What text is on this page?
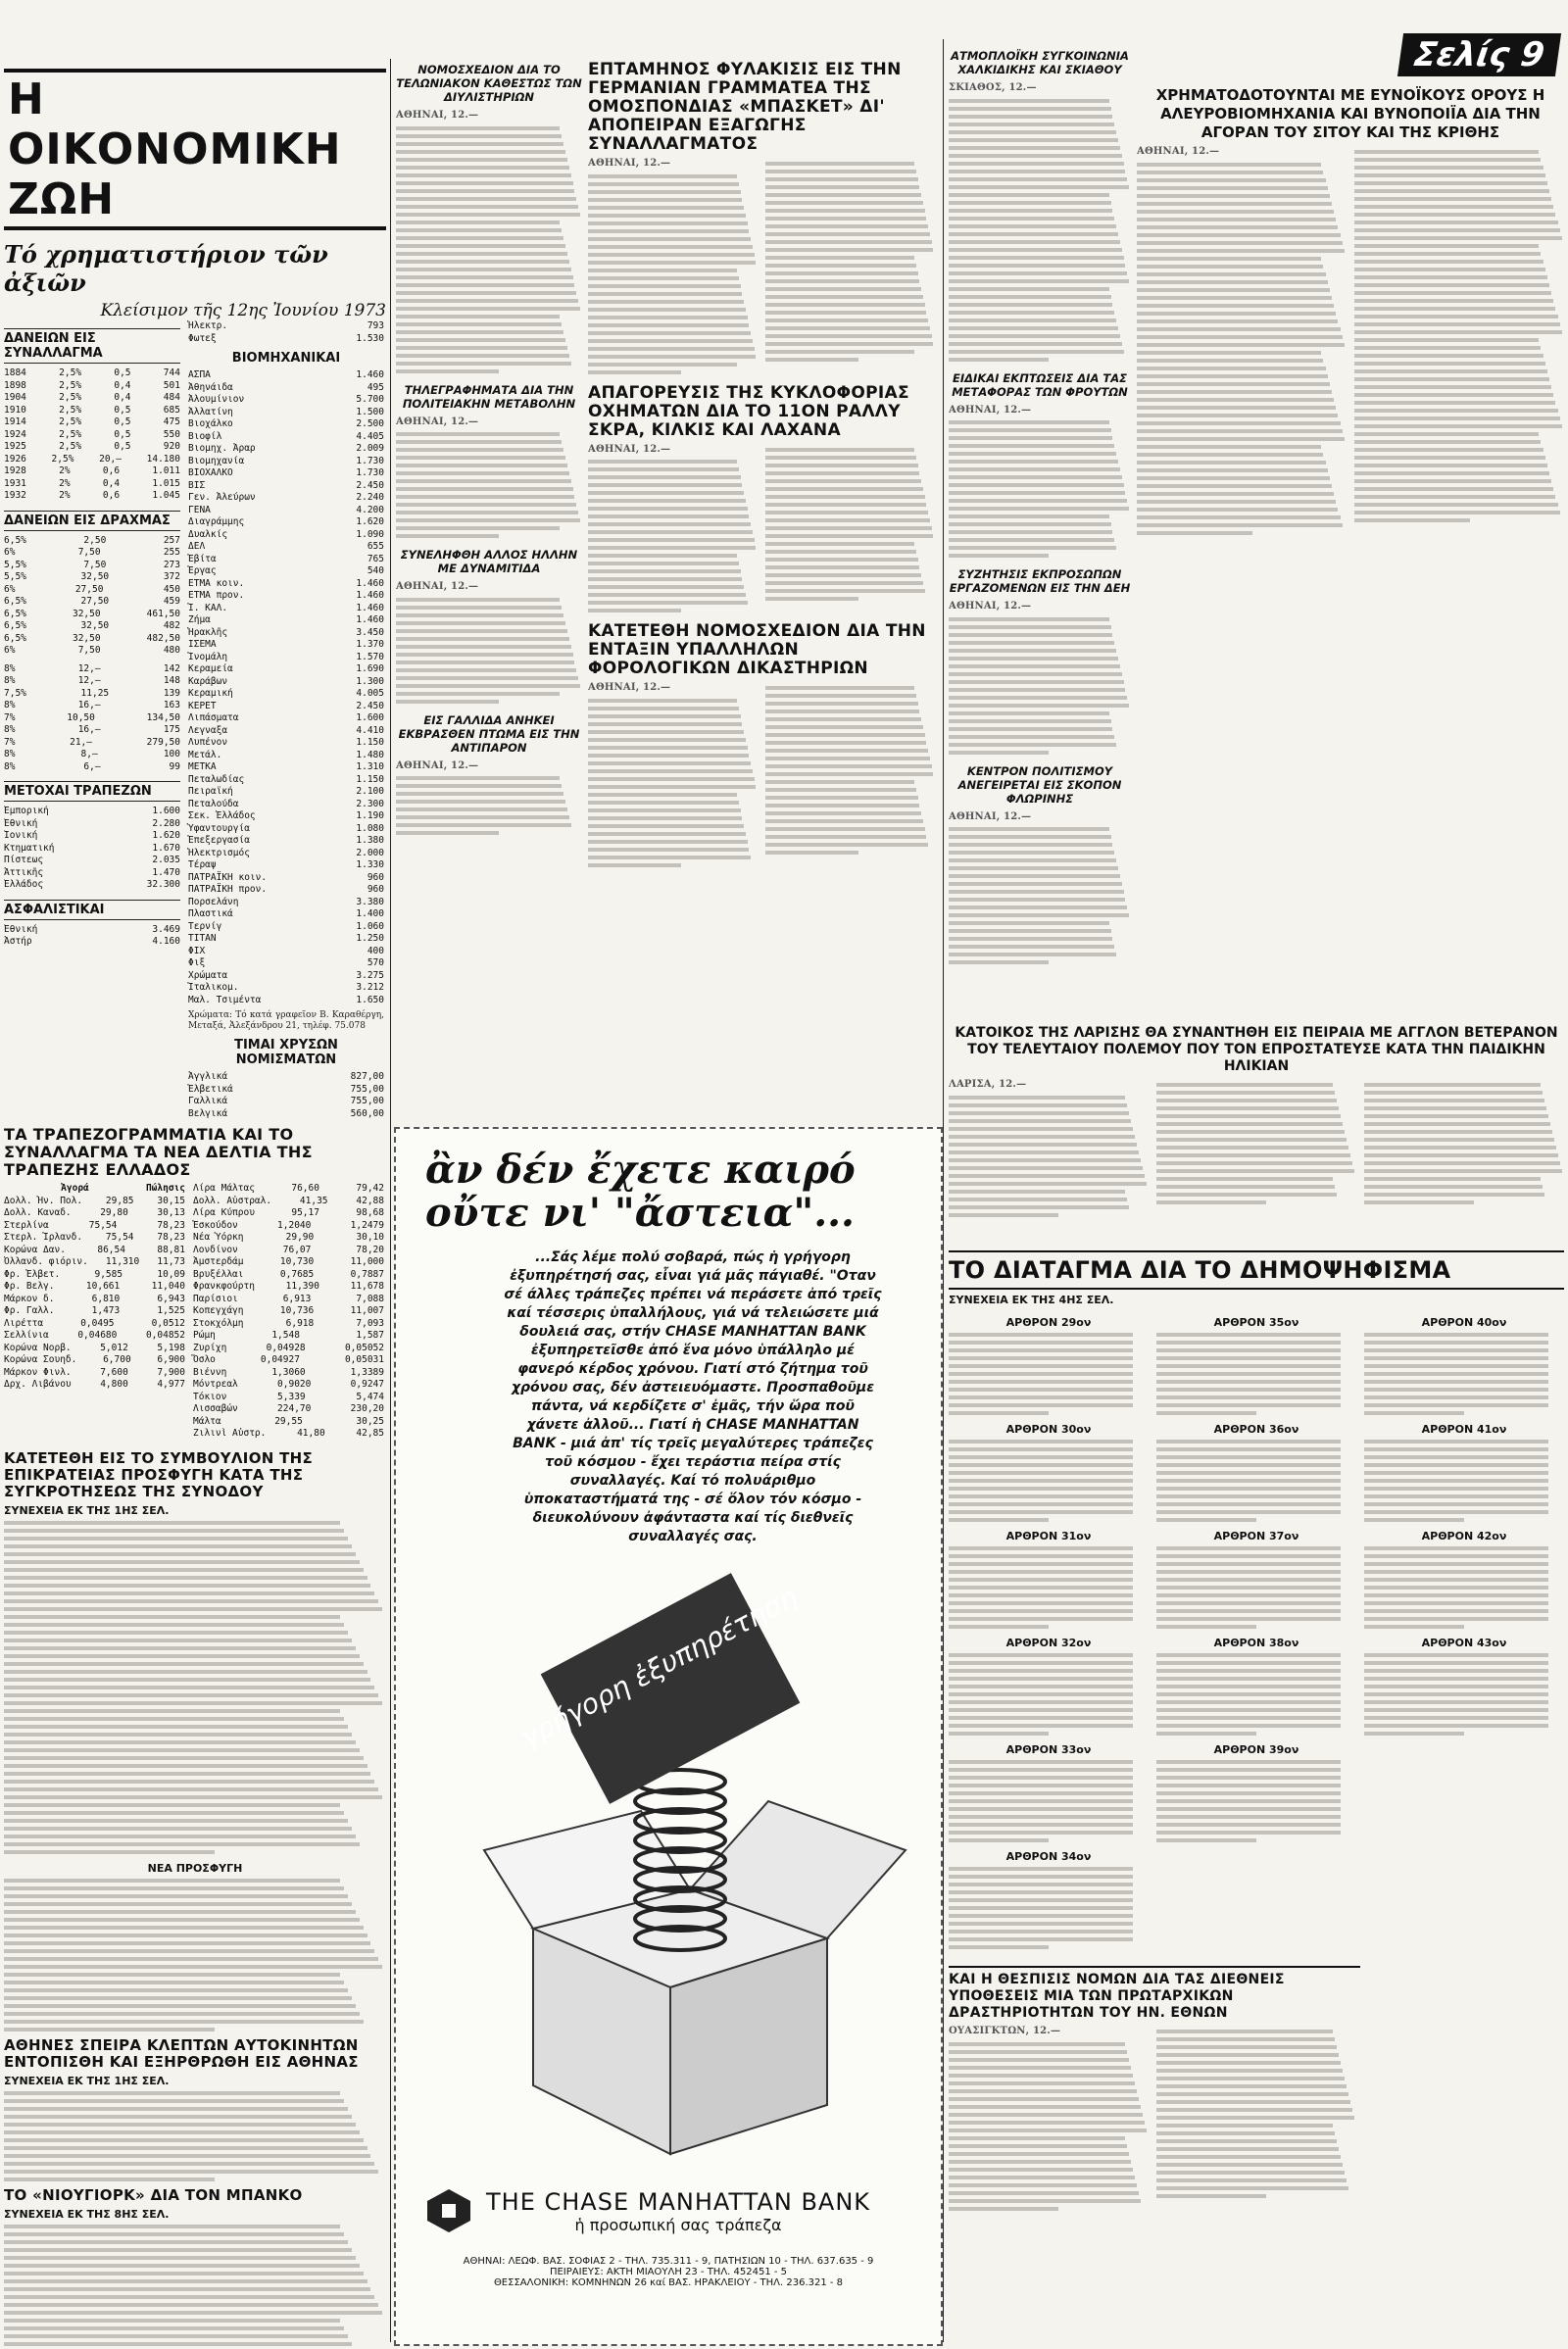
Η ΟΙΚΟΝΟΜΙΚΗ ΖΩΗ
Τό χρηματιστήριον τῶν ἀξιῶν
Κλείσιμον τῆς 12ης Ἰουνίου 1973
ΔΑΝΕΙΩΝ ΕΙΣ ΣΥΝΑΛΛΑΓΜΑ
1884	2,5%	0,5	744
1898	2,5%	0,4	501
1904	2,5%	0,4	484
1910	2,5%	0,5	685
1914	2,5%	0,5	475
1924	2,5%	0,5	550
1925	2,5%	0,5	920
1926	2,5%	20,—	14.180
1928	2%	0,6	1.011
1931	2%	0,4	1.015
1932	2%	0,6	1.045
ΔΑΝΕΙΩΝ ΕΙΣ ΔΡΑΧΜΑΣ
6,5%	2,50	257
6%	7,50	255
5,5%	7,50	273
5,5%	32,50	372
6%	27,50	450
6,5%	27,50	459
6,5%	32,50	461,50
6,5%	32,50	482
6,5%	32,50	482,50
6%	7,50	480
8%	12,—	142
8%	12,—	148
7,5%	11,25	139
8%	16,—	163
7%	10,50	134,50
8%	16,—	175
7%	21,—	279,50
8%	8,—	100
8%	6,—	99
ΜΕΤΟΧΑΙ ΤΡΑΠΕΖΩΝ
Ἐμπορική	1.600
Ἐθνική	2.280
Ἰονική	1.620
Κτηματική	1.670
Πίστεως	2.035
Ἀττικῆς	1.470
Ἑλλάδος	32.300
ΑΣΦΑΛΙΣΤΙΚΑΙ
Ἑθνική	3.469
Ἀστήρ	4.160
Ἠλεκτρ.	793
Φωτεξ	1.530
ΒΙΟΜΗΧΑΝΙΚΑΙ
ΑΣΠΑ	1.460
Ἀθηνάιδα	495
Ἀλουμίνιον	5.700
Ἀλλατίνη	1.500
Βιοχάλκο	2.500
Βιοφίλ	4.405
Βιομηχ. Ἀραρ	2.009
Βιομηχανία	1.730
ΒΙΟΧΑΛΚΟ	1.730
ΒΙΣ	2.450
Γεν. Ἀλεύρων	2.240
ΓΕΝΑ	4.200
Διαγράμμης	1.620
Δυαλκίς	1.090
ΔΕΛ	655
Ἐβίτα	765
Ἐργας	540
ΕΤΜΑ κοιν.	1.460
ΕΤΜΑ προν.	1.460
Ἰ. ΚΑΛ.	1.460
Ζήμα	1.460
Ἡρακλῆς	3.450
ΙΣΕΜΑ	1.370
Ἰνομάλη	1.570
Κεραμεία	1.690
Καράβων	1.300
Κεραμική	4.005
ΚΕΡΕΤ	2.450
Λιπάσματα	1.600
Λεγναξα	4.410
Λυπένον	1.150
Μετάλ.	1.480
ΜΕΤΚΑ	1.310
Πεταλωδίας	1.150
Πειραϊκή	2.100
Πεταλούδα	2.300
Σεκ. Ἑλλάδος	1.190
Ὑφαντουργία	1.080
Ἐπεξεργασία	1.380
Ἠλεκτρισμός	2.000
Τέραψ	1.330
ΠΑΤΡΑΪΚΗ κοιν.	960
ΠΑΤΡΑΪΚΗ προν.	960
Πορσελάνη	3.380
Πλαστικά	1.400
Τερνίγ	1.060
ΤΙΤΑΝ	1.250
ΦΙΧ	400
Φιξ	570
Χρώματα	3.275
Ἰταλικομ.	3.212
Μαλ. Τσιμέντα	1.650
Χρώματα: Τό κατά γραφεῖον Β. Καραθέργη, Μεταξά, Ἀλεξάνδρου 21, τηλέφ. 75.078
ΤΙΜΑΙ ΧΡΥΣΩΝ ΝΟΜΙΣΜΑΤΩΝ
Ἀγγλικά	827,00
Ἐλβετικά	755,00
Γαλλικά	755,00
Βελγικά	560,00
ΤΑ ΤΡΑΠΕΖΟΓΡΑΜΜΑΤΙΑ ΚΑΙ ΤΟ ΣΥΝΑΛΛΑΓΜΑ ΤΑ ΝΕΑ ΔΕΛΤΙΑ ΤΗΣ ΤΡΑΠΕΖΗΣ ΕΛΛΑΔΟΣ
Ἀγορά	Πώλησις
Δολλ. Ἡν. Πολ.	29,85	30,15
Δολλ. Καναδ.	29,80	30,13
Στερλίνα	75,54	78,23
Στερλ. Ἰρλανδ.	75,54	78,23
Κορώνα Δαν.	86,54	88,81
Ὀλλανδ. φιόριν. 11,310 11,73
Φρ. Ἑλβετ.	9,585	10,09
Φρ. Βελγ.	10,661	11,040
Μάρκον δ.	6,810	6,943
Φρ. Γαλλ.	1,473	1,525
Λιρέττα	0,0495	0,0512
Σελλίνια	0,04680	0,04852
Κορώνα Νορβ.	5,012	5,198
Κορώνα Σουηδ.	6,700	6,900
Μάρκον Φινλ.	7,600	7,900
Δρχ. Λιβάνου	4,800	4,977
Λίρα Μάλτας	76,60	79,42
Δολλ. Αὐστραλ.	41,35	42,88
Λίρα Κύπρου	95,17	98,68
Ἐσκούδον	1,2040	1,2479
Νέα Ὑόρκη	29,90	30,10
Λονδίνον	76,07	78,20
Ἀμστερδάμ	10,730	11,000
Βρυξέλλαι	0,7685	0,7887
Φρανκφούρτη	11,390	11,678
Παρίσιοι	6,913	7,088
Κοπεγχάγη	10,736	11,007
Στοκχόλμη	6,918	7,093
Ρώμη	1,548	1,587
Ζυρίχη	0,04928	0,05052
Ὄσλο	0,04927	0,05031
Βιέννη	1,3060	1,3389
Μόντρεαλ	0,9020	0,9247
Τόκιον	5,339	5,474
Λισσαβών	224,70	230,20
Μάλτα	29,55	30,25
Ζιλινὶ Αὐστρ.	41,80	42,85
ΚΑΤΕΤΕΘΗ ΕΙΣ ΤΟ ΣΥΜΒΟΥΛΙΟΝ ΤΗΣ ΕΠΙΚΡΑΤΕΙΑΣ ΠΡΟΣΦΥΓΗ ΚΑΤΑ ΤΗΣ ΣΥΓΚΡΟΤΗΣΕΩΣ ΤΗΣ ΣΥΝΟΔΟΥ
ΣΥΝΕΧΕΙΑ ΕΚ ΤΗΣ 1ΗΣ ΣΕΛ.
ΝΕΑ ΠΡΟΣΦΥΓΗ
ΑΘΗΝΕΣ ΣΠΕΙΡΑ ΚΛΕΠΤΩΝ ΑΥΤΟΚΙΝΗΤΩΝ ΕΝΤΟΠΙΣΘΗ ΚΑΙ ΕΞΗΡΘΡΩΘΗ ΕΙΣ ΑΘΗΝΑΣ
ΣΥΝΕΧΕΙΑ ΕΚ ΤΗΣ 1ΗΣ ΣΕΛ.
ΤΟ «ΝΙΟΥΓΙΟΡΚ» ΔΙΑ ΤΟΝ ΜΠΑΝΚΟ
ΣΥΝΕΧΕΙΑ ΕΚ ΤΗΣ 8ΗΣ ΣΕΛ.
ΝΟΜΟΣΧΕΔΙΟΝ ΔΙΑ ΤΟ ΤΕΛΩΝΙΑΚΟΝ ΚΑΘΕΣΤΩΣ ΤΩΝ ΔΙΥΛΙΣΤΗΡΙΩΝ
ΑΘΗΝΑΙ, 12.—
ΤΗΛΕΓΡΑΦΗΜΑΤΑ ΔΙΑ ΤΗΝ ΠΟΛΙΤΕΙΑΚΗΝ ΜΕΤΑΒΟΛΗΝ
ΑΘΗΝΑΙ, 12.—
ΣΥΝΕΛΗΦΘΗ ΑΛΛΟΣ ΗΛΛΗΝ ΜΕ ΔΥΝΑΜΙΤΙΔΑ
ΑΘΗΝΑΙ, 12.—
ΕΙΣ ΓΑΛΛΙΔΑ ΑΝΗΚΕΙ ΕΚΒΡΑΣΘΕΝ ΠΤΩΜΑ ΕΙΣ ΤΗΝ ΑΝΤΙΠΑΡΟΝ
ΑΘΗΝΑΙ, 12.—
ΕΠΤΑΜΗΝΟΣ ΦΥΛΑΚΙΣΙΣ ΕΙΣ ΤΗΝ ΓΕΡΜΑΝΙΑΝ ΓΡΑΜΜΑΤΕΑ ΤΗΣ ΟΜΟΣΠΟΝΔΙΑΣ «ΜΠΑΣΚΕΤ» ΔΙ' ΑΠΟΠΕΙΡΑΝ ΕΞΑΓΩΓΗΣ ΣΥΝΑΛΛΑΓΜΑΤΟΣ
ΑΘΗΝΑΙ, 12.—
ΑΠΑΓΟΡΕΥΣΙΣ ΤΗΣ ΚΥΚΛΟΦΟΡΙΑΣ ΟΧΗΜΑΤΩΝ ΔΙΑ ΤΟ 11ΟΝ ΡΑΛΛΥ ΣΚΡΑ, ΚΙΛΚΙΣ ΚΑΙ ΛΑΧΑΝΑ
ΑΘΗΝΑΙ, 12.—
ΚΑΤΕΤΕΘΗ ΝΟΜΟΣΧΕΔΙΟΝ ΔΙΑ ΤΗΝ ΕΝΤΑΞΙΝ ΥΠΑΛΛΗΛΩΝ ΦΟΡΟΛΟΓΙΚΩΝ ΔΙΚΑΣΤΗΡΙΩΝ
ΑΘΗΝΑΙ, 12.—
ἂν δέν ἔχετε καιρό οὔτε νι' "ἄστεια"...
...Σάς λέμε πολύ σοβαρά, πώς ἡ γρήγορη ἐξυπηρέτησή σας, εἶναι γιά μᾶς πάγιαθέ. "Οταν σέ άλλες τράπεζες πρέπει νά περάσετε ἀπό τρεῖς καί τέσσερις ὑπαλλήλους, γιά νά τελειώσετε μιά δουλειά σας, στήν CHASE MANHATTAN BANK ἐξυπηρετεῖσθε ἀπό ἕνα μόνο ὑπάλληλο μέ φανερό κέρδος χρόνου. Γιατί στό ζήτημα τοῦ χρόνου σας, δέν ἀστειευόμαστε. Προσπαθοῦμε πάντα, νά κερδίζετε σ' ἐμᾶς, τήν ὥρα ποῦ χάνετε ἀλλοῦ... Γιατί ἡ CHASE MANHATTAN BANK - μιά ἀπ' τίς τρεῖς μεγαλύτερες τράπεζες τοῦ κόσμου - ἔχει τεράστια πείρα στίς συναλλαγές. Καί τό πολυάριθμο ὑποκαταστήματά της - σέ ὅλον τόν κόσμο - διευκολύνουν ἀφάνταστα καί τίς διεθνεῖς συναλλαγές σας.
γρήγορη ἐξυπηρέτηση
THE CHASE MANHATTAN BANK
ἡ προσωπική σας τράπεζα
ΑΘΗΝΑΙ: ΛΕΩΦ. ΒΑΣ. ΣΟΦΙΑΣ 2 - ΤΗΛ. 735.311 - 9, ΠΑΤΗΣΙΩΝ 10 - ΤΗΛ. 637.635 - 9
ΠΕΙΡΑΙΕΥΣ: ΑΚΤΗ ΜΙΑΟΥΛΗ 23 - ΤΗΛ. 452451 - 5
ΘΕΣΣΑΛΟΝΙΚΗ: ΚΟΜΝΗΝΩΝ 26 καί ΒΑΣ. ΗΡΑΚΛΕΙΟΥ - ΤΗΛ. 236.321 - 8
ΑΤΜΟΠΛΟΪΚΗ ΣΥΓΚΟΙΝΩΝΙΑ ΧΑΛΚΙΔΙΚΗΣ ΚΑΙ ΣΚΙΑΘΟΥ
ΣΚΙΑΘΟΣ, 12.—
ΕΙΔΙΚΑΙ ΕΚΠΤΩΣΕΙΣ ΔΙΑ ΤΑΣ ΜΕΤΑΦΟΡΑΣ ΤΩΝ ΦΡΟΥΤΩΝ
ΑΘΗΝΑΙ, 12.—
ΣΥΖΗΤΗΣΙΣ ΕΚΠΡΟΣΩΠΩΝ ΕΡΓΑΖΟΜΕΝΩΝ ΕΙΣ ΤΗΝ ΔΕΗ
ΑΘΗΝΑΙ, 12.—
ΚΕΝΤΡΟΝ ΠΟΛΙΤΙΣΜΟΥ ΑΝΕΓΕΙΡΕΤΑΙ ΕΙΣ ΣΚΟΠΟΝ ΦΛΩΡΙΝΗΣ
ΑΘΗΝΑΙ, 12.—
Σελίς 9
ΧΡΗΜΑΤΟΔΟΤΟΥΝΤΑΙ ΜΕ ΕΥΝΟΪΚΟΥΣ ΟΡΟΥΣ Η ΑΛΕΥΡΟΒΙΟΜΗΧΑΝΙΑ ΚΑΙ ΒΥΝΟΠΟΙΪΑ ΔΙΑ ΤΗΝ ΑΓΟΡΑΝ ΤΟΥ ΣΙΤΟΥ ΚΑΙ ΤΗΣ ΚΡΙΘΗΣ
ΑΘΗΝΑΙ, 12.—
ΚΑΤΟΙΚΟΣ ΤΗΣ ΛΑΡΙΣΗΣ ΘΑ ΣΥΝΑΝΤΗΘΗ ΕΙΣ ΠΕΙΡΑΙΑ ΜΕ ΑΓΓΛΟΝ ΒΕΤΕΡΑΝΟΝ ΤΟΥ ΤΕΛΕΥΤΑΙΟΥ ΠΟΛΕΜΟΥ ΠΟΥ ΤΟΝ ΕΠΡΟΣΤΑΤΕΥΣΕ ΚΑΤΑ ΤΗΝ ΠΑΙΔΙΚΗΝ ΗΛΙΚΙΑΝ
ΛΑΡΙΣΑ, 12.—
ΤΟ ΔΙΑΤΑΓΜΑ ΔΙΑ ΤΟ ΔΗΜΟΨΗΦΙΣΜΑ
ΣΥΝΕΧΕΙΑ ΕΚ ΤΗΣ 4ΗΣ ΣΕΛ.
ΑΡΘΡΟΝ 29ον
ΑΡΘΡΟΝ 30ον
ΑΡΘΡΟΝ 31ον
ΑΡΘΡΟΝ 32ον
ΑΡΘΡΟΝ 33ον
ΑΡΘΡΟΝ 34ον
ΑΡΘΡΟΝ 35ον
ΑΡΘΡΟΝ 36ον
ΑΡΘΡΟΝ 37ον
ΑΡΘΡΟΝ 38ον
ΑΡΘΡΟΝ 39ον
ΑΡΘΡΟΝ 40ον
ΑΡΘΡΟΝ 41ον
ΑΡΘΡΟΝ 42ον
ΑΡΘΡΟΝ 43ον
ΚΑΙ Η ΘΕΣΠΙΣΙΣ ΝΟΜΩΝ ΔΙΑ ΤΑΣ ΔΙΕΘΝΕΙΣ ΥΠΟΘΕΣΕΙΣ ΜΙΑ ΤΩΝ ΠΡΩΤΑΡΧΙΚΩΝ ΔΡΑΣΤΗΡΙΟΤΗΤΩΝ ΤΟΥ ΗΝ. ΕΘΝΩΝ
ΟΥΑΣΙΓΚΤΩΝ, 12.—
